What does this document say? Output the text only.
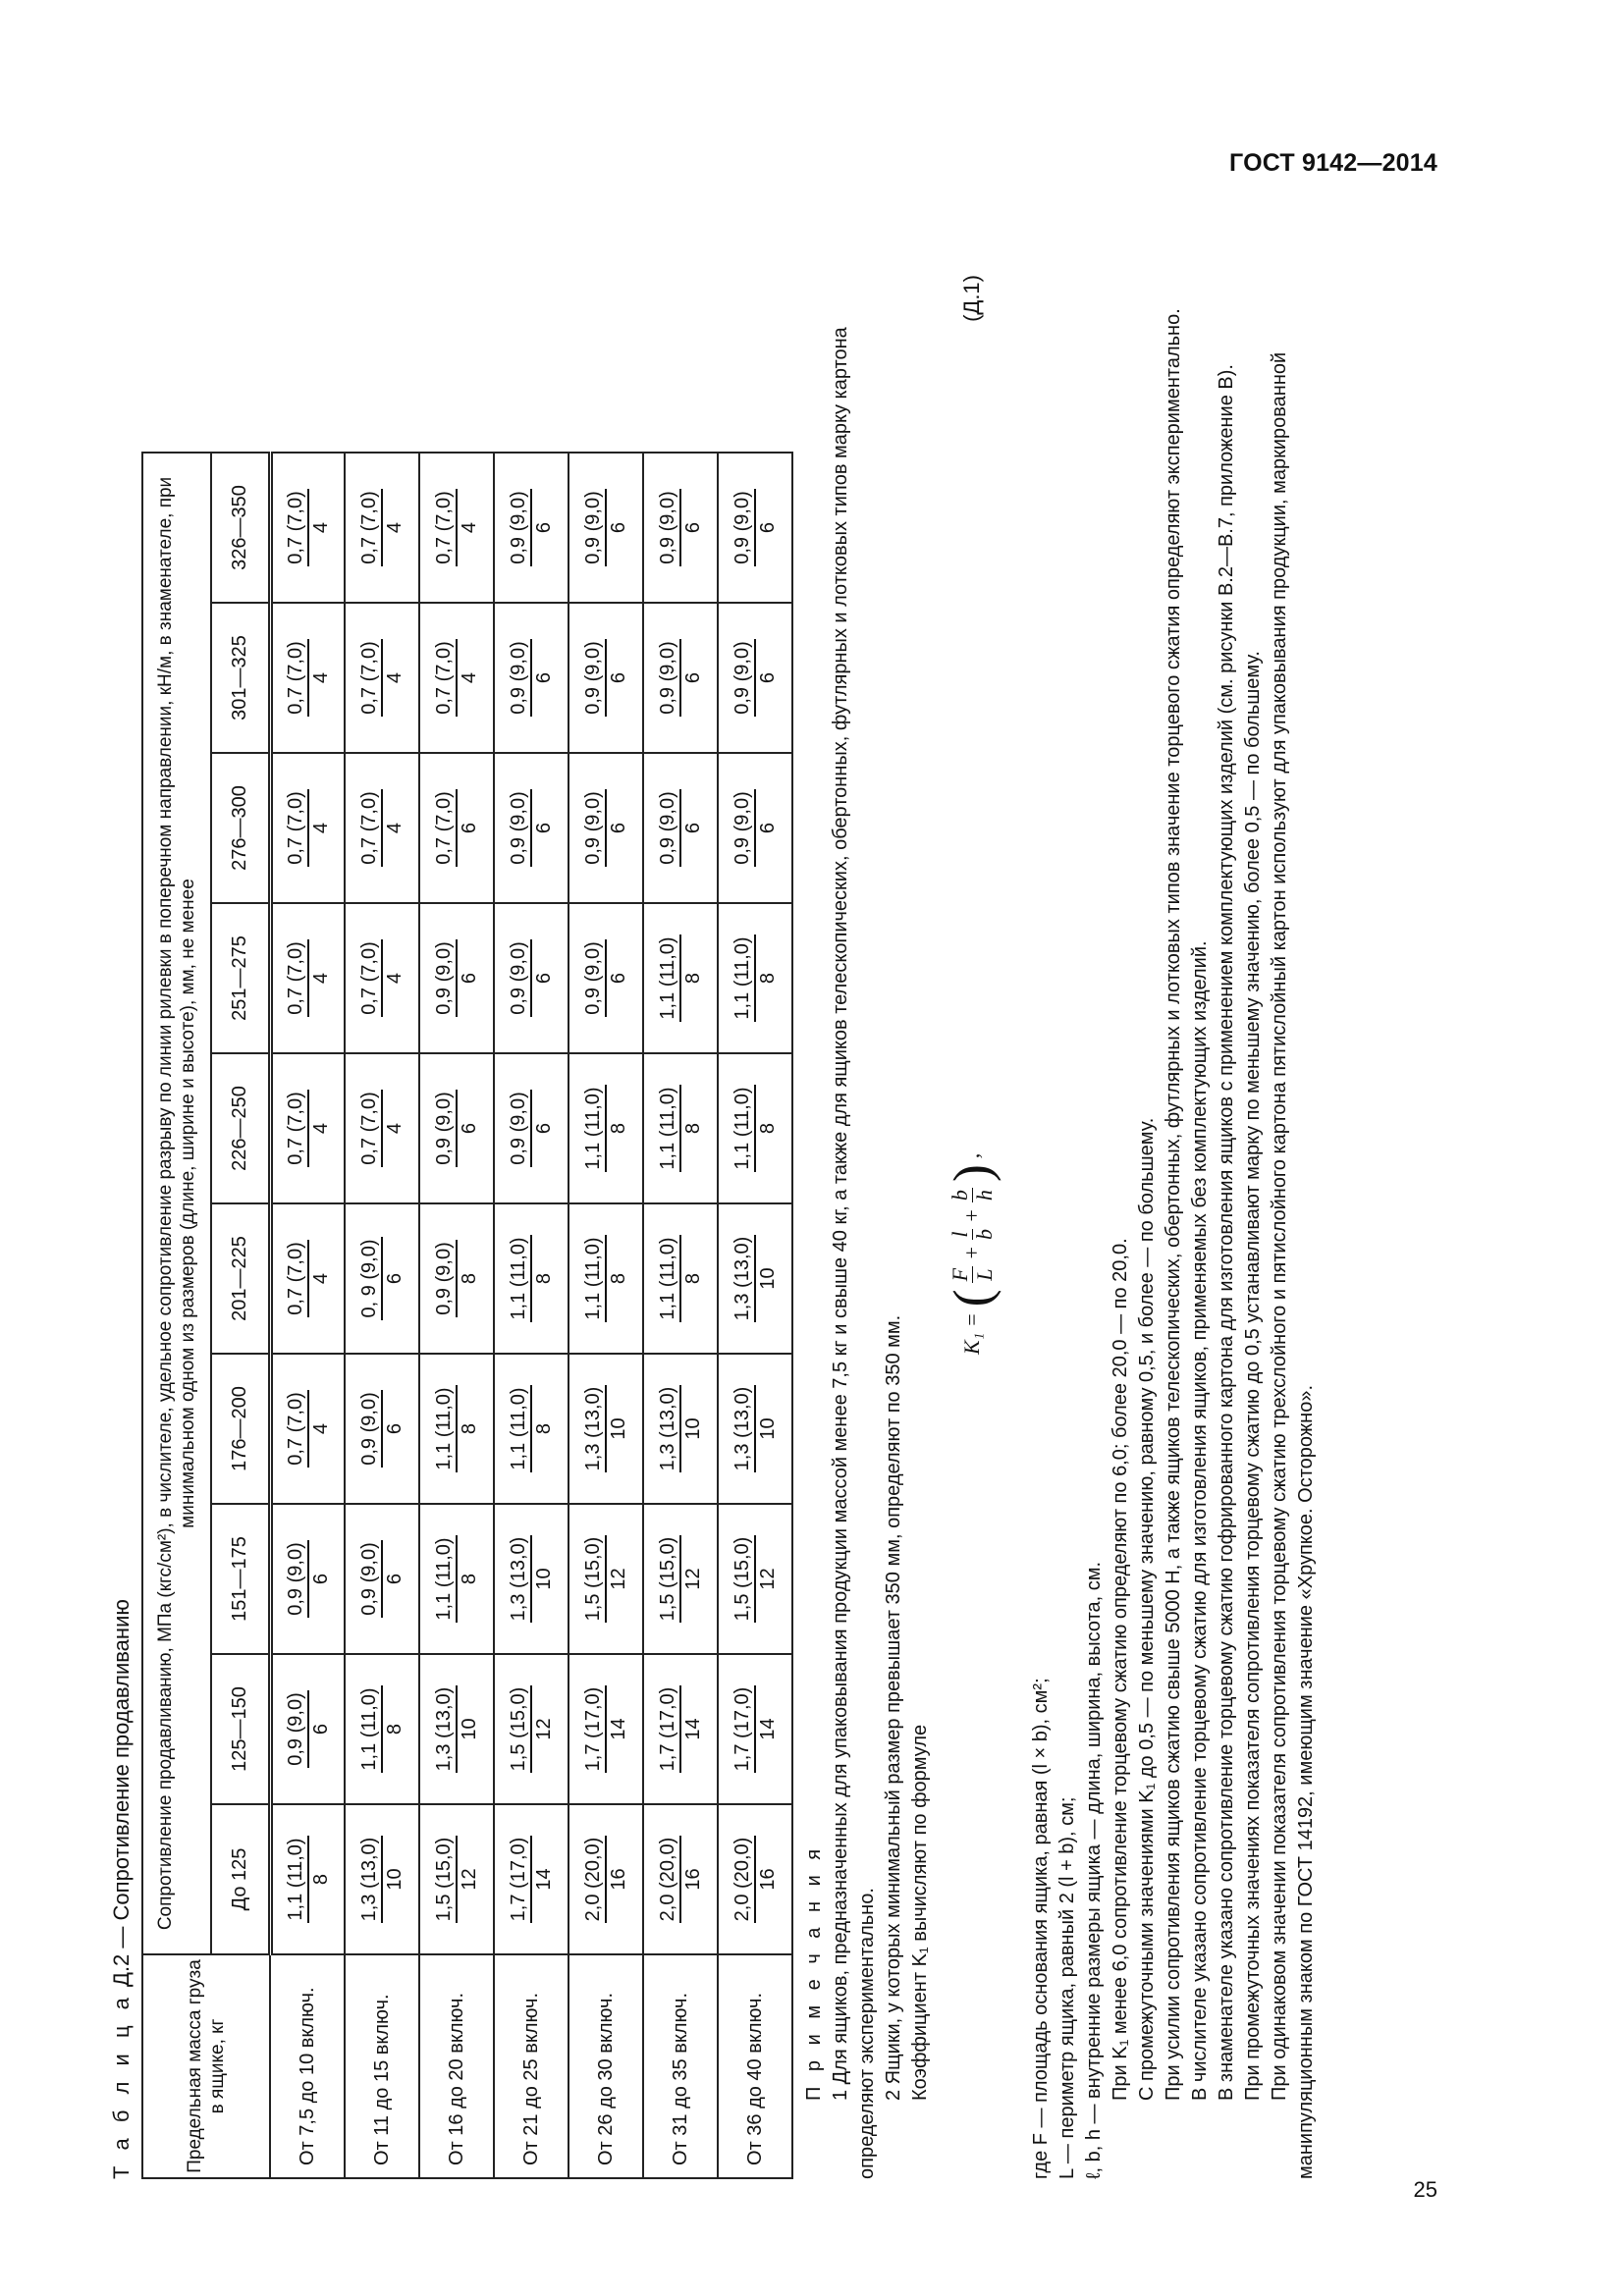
ГОСТ 9142—2014
25
Т а б л и ц а Д.2 — Сопротивление продавливанию
Предельная масса груза в ящике, кг	Сопротивление продавливанию, МПа (кгс/см²), в числителе, удельное сопротивление разрыву по линии рилевки в поперечном направлении, кН/м, в знаменателе, при минимальном одном из размеров (длине, ширине и высоте), мм, не менее									
	До 125	125—150	151—175	176—200	201—225	226—250	251—275	276—300	301—325	326—350
От 7,5 до 10 включ.	1,1 (11,0) 8	0,9 (9,0) 6	0,9 (9,0) 6	0,7 (7,0) 4	0,7 (7,0) 4	0,7 (7,0) 4	0,7 (7,0) 4	0,7 (7,0) 4	0,7 (7,0) 4	0,7 (7,0) 4

От 11 до 15 включ.	1,3 (13,0) 10	1,1 (11,0) 8	0,9 (9,0) 6	0,9 (9,0) 6	0, 9 (9,0) 6	0,7 (7,0) 4	0,7 (7,0) 4	0,7 (7,0) 4	0,7 (7,0) 4	0,7 (7,0) 4

От 16 до 20 включ.	1,5 (15,0) 12	1,3 (13,0) 10	1,1 (11,0) 8	1,1 (11,0) 8	0,9 (9,0) 8	0,9 (9,0) 6	0,9 (9,0) 6	0,7 (7,0) 6	0,7 (7,0) 4	0,7 (7,0) 4

От 21 до 25 включ.	1,7 (17,0) 14	1,5 (15,0) 12	1,3 (13,0) 10	1,1 (11,0) 8	1,1 (11,0) 8	0,9 (9,0) 6	0,9 (9,0) 6	0,9 (9,0) 6	0,9 (9,0) 6	0,9 (9,0) 6

От 26 до 30 включ.	2,0 (20,0) 16	1,7 (17,0) 14	1,5 (15,0) 12	1,3 (13,0) 10	1,1 (11,0) 8	1,1 (11,0) 8	0,9 (9,0) 6	0,9 (9,0) 6	0,9 (9,0) 6	0,9 (9,0) 6

От 31 до 35 включ.	2,0 (20,0) 16	1,7 (17,0) 14	1,5 (15,0) 12	1,3 (13,0) 10	1,1 (11,0) 8	1,1 (11,0) 8	1,1 (11,0) 8	0,9 (9,0) 6	0,9 (9,0) 6	0,9 (9,0) 6

От 36 до 40 включ.	2,0 (20,0) 16	1,7 (17,0) 14	1,5 (15,0) 12	1,3 (13,0) 10	1,3 (13,0) 10	1,1 (11,0) 8	1,1 (11,0) 8	0,9 (9,0) 6	0,9 (9,0) 6	0,9 (9,0) 6

П р и м е ч а н и я 1 Для ящиков, предназначенных для упаковывания продукции массой менее 7,5 кг и свыше 40 кг, а также для ящиков телескопических, обертонных, футлярных и лотковых типов марку картона определяют экспериментально. 2 Ящики, у которых минимальный размер превышает 350 мм, определяют по 350 мм. Коэффициент K₁ вычисляют по формуле

K₁ =
(
F L
+
l b
+
b h
)
,
(Д.1)

где F — площадь основания ящика, равная (l × b), см²; L — периметр ящика, равный 2 (l + b), см; ℓ, b, h — внутренние размеры ящика — длина, ширина, высота, см. При K₁ менее 6,0 сопротивление торцевому сжатию определяют по 6,0; более 20,0 — по 20,0. С промежуточными значениями K₁ до 0,5 — по меньшему значению, равному 0,5, и более — по большему. При усилии сопротивления ящиков сжатию свыше 5000 Н, а также ящиков телескопических, обертонных, футлярных и лотковых типов значение торцевого сжатия определяют экспериментально. В числителе указано сопротивление торцевому сжатию для изготовления ящиков, применяемых без комплектующих изделий. В знаменателе указано сопротивление торцевому сжатию гофрированного картона для изготовления ящиков с применением комплектующих изделий (см. рисунки В.2—В.7, приложение В). При промежуточных значениях показателя сопротивления торцевому сжатию до 0,5 устанавливают марку по меньшему значению, более 0,5 — по большему. При одинаковом значении показателя сопротивления торцевому сжатию трехслойного и пятислойного картона пятислойный картон используют для упаковывания продукции, маркированной манипуляционным знаком по ГОСТ 14192, имеющим значение «Хрупкое. Осторожно».
